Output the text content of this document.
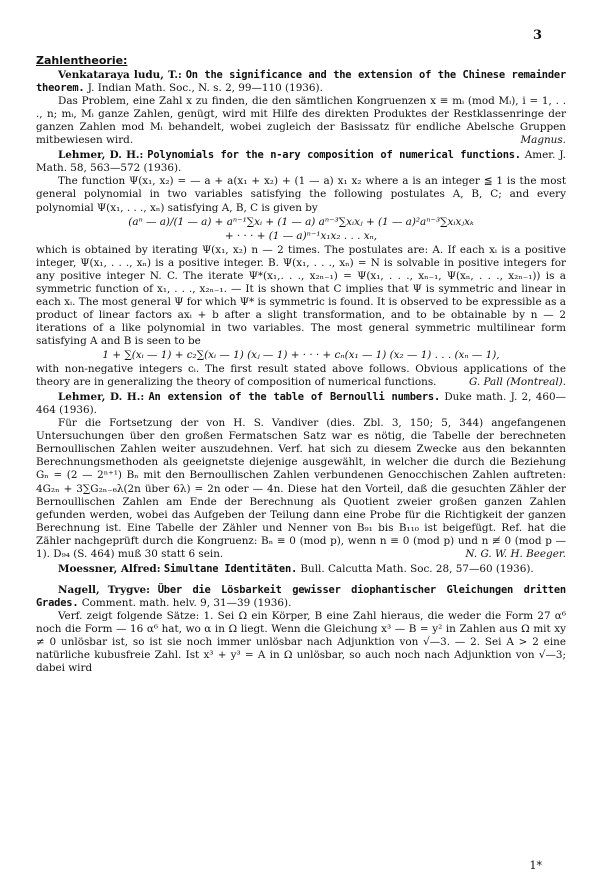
3
Zahlentheorie:

Venkataraya ludu, T.: On the significance and the extension of the Chinese remainder theorem. J. Indian Math. Soc., N. s. 2, 99—110 (1936).

Das Problem, eine Zahl x zu finden, die den sämtlichen Kongruenzen x ≡ mᵢ (mod Mᵢ), i = 1, . . ., n; mᵢ, Mᵢ ganze Zahlen, genügt, wird mit Hilfe des direkten Produktes der Restklassenringe der ganzen Zahlen mod Mᵢ behandelt, wobei zugleich der Basissatz für endliche Abelsche Gruppen mitbewiesen wird.	Magnus.

Lehmer, D. H.: Polynomials for the n-ary composition of numerical functions. Amer. J. Math. 58, 563—572 (1936).

The function Ψ(x₁, x₂) = — a + a(x₁ + x₂) + (1 — a) x₁ x₂ where a is an integer ≦ 1 is the most general polynomial in two variables satisfying the following postulates A, B, C; and every polynomial Ψ(x₁, . . ., xₙ) satisfying A, B, C is given by

(aⁿ — a)/(1 — a) + aⁿ⁻¹∑xᵢ + (1 — a) aⁿ⁻³∑xᵢxⱼ + (1 — a)²aⁿ⁻³∑xᵢxⱼxₖ
+ · · · + (1 — a)ⁿ⁻¹x₁x₂ . . . xₙ,

which is obtained by iterating Ψ(x₁, x₂) n — 2 times. The postulates are: A. If each xᵢ is a positive integer, Ψ(x₁, . . ., xₙ) is a positive integer. B. Ψ(x₁, . . ., xₙ) = N is solvable in positive integers for any positive integer N. C. The iterate Ψ*(x₁,. . ., x₂ₙ₋₁) = Ψ(x₁, . . ., xₙ₋₁, Ψ(xₙ, . . ., x₂ₙ₋₁)) is a symmetric function of x₁, . . ., x₂ₙ₋₁. — It is shown that C implies that Ψ is symmetric and linear in each xᵢ. The most general Ψ for which Ψ* is symmetric is found. It is observed to be expressible as a product of linear factors axᵢ + b after a slight transformation, and to be obtainable by n — 2 iterations of a like polynomial in two variables. The most general symmetric multilinear form satisfying A and B is seen to be

1 + ∑(xᵢ — 1) + c₂∑(xᵢ — 1) (xⱼ — 1) + · · · + cₙ(x₁ — 1) (x₂ — 1) . . . (xₙ — 1),

with non-negative integers cᵢ. The first result stated above follows. Obvious applications of the theory are in generalizing the theory of composition of numerical functions.	G. Pall (Montreal).

Lehmer, D. H.: An extension of the table of Bernoulli numbers. Duke math. J. 2, 460—464 (1936).

Für die Fortsetzung der von H. S. Vandiver (dies. Zbl. 3, 150; 5, 344) angefangenen Untersuchungen über den großen Fermatschen Satz war es nötig, die Tabelle der berechneten Bernoullischen Zahlen weiter auszudehnen. Verf. hat sich zu diesem Zwecke aus den bekannten Berechnungsmethoden als geeignetste diejenige ausgewählt, in welcher die durch die Beziehung Gₙ = (2 — 2ⁿ⁺¹) Bₙ mit den Bernoullischen Zahlen verbundenen Genocchischen Zahlen auftreten: 4G₂ₙ + 3∑G₂ₙ₋₆λ(2n über 6λ) = 2n oder — 4n. Diese hat den Vorteil, daß die gesuchten Zähler der Bernoullischen Zahlen am Ende der Berechnung als Quotient zweier großen ganzen Zahlen gefunden werden, wobei das Aufgeben der Teilung dann eine Probe für die Richtigkeit der ganzen Berechnung ist. Eine Tabelle der Zähler und Nenner von B₉₁ bis B₁₁₀ ist beigefügt. Ref. hat die Zähler nachgeprüft durch die Kongruenz: Bₙ ≡ 0 (mod p), wenn n ≡ 0 (mod p) und n ≢ 0 (mod p — 1). D₉₄ (S. 464) muß 30 statt 6 sein.	N. G. W. H. Beeger.

Moessner, Alfred: Simultane Identitäten. Bull. Calcutta Math. Soc. 28, 57—60 (1936).

Nagell, Trygve: Über die Lösbarkeit gewisser diophantischer Gleichungen dritten Grades. Comment. math. helv. 9, 31—39 (1936).

Verf. zeigt folgende Sätze: 1. Sei Ω ein Körper, B eine Zahl hieraus, die weder die Form 27 α⁶ noch die Form — 16 α⁶ hat, wo α in Ω liegt. Wenn die Gleichung x³ — B = y² in Zahlen aus Ω mit xy ≠ 0 unlösbar ist, so ist sie noch immer unlösbar nach Adjunktion von √—3. — 2. Sei A > 2 eine natürliche kubusfreie Zahl. Ist x³ + y³ = A in Ω unlösbar, so auch noch nach Adjunktion von √—3; dabei wird

1*
